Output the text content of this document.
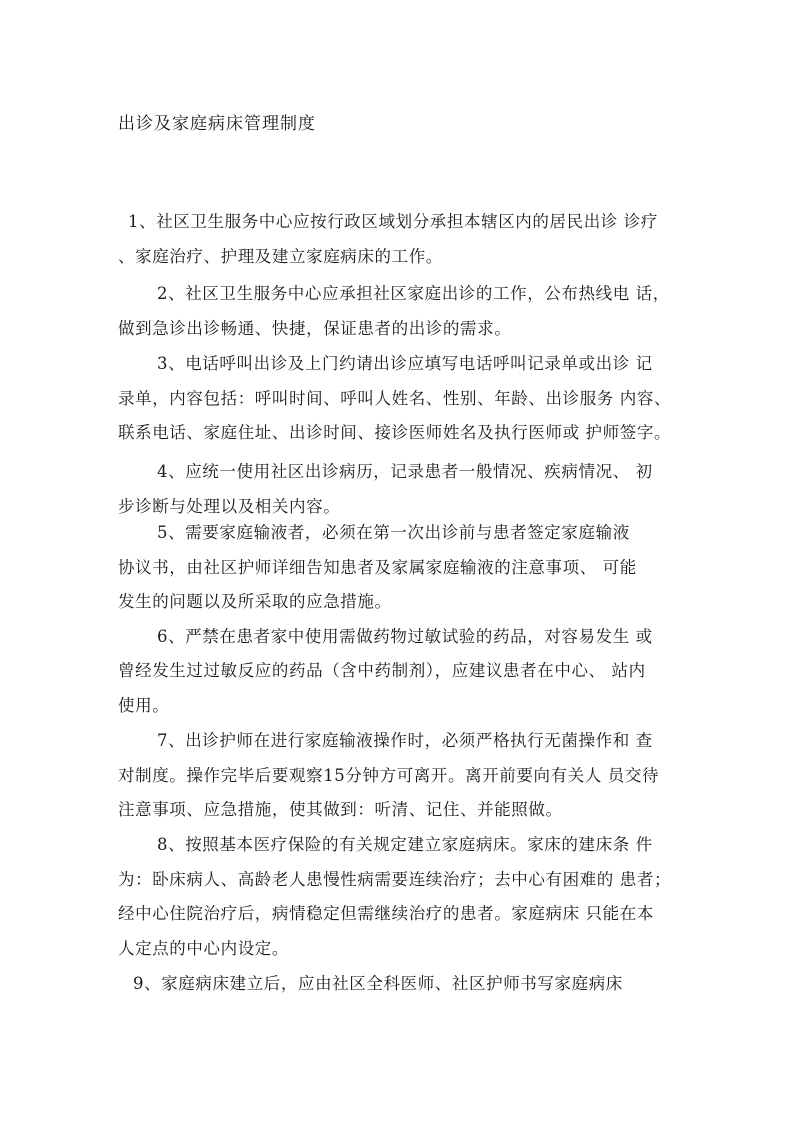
出诊及家庭病床管理制度
1、社区卫生服务中心应按行政区域划分承担本辖区内的居民出诊 诊疗
、家庭治疗、护理及建立家庭病床的工作。
2、社区卫生服务中心应承担社区家庭出诊的工作，公布热线电 话，
做到急诊出诊畅通、快捷，保证患者的出诊的需求。
3、电话呼叫出诊及上门约请出诊应填写电话呼叫记录单或出诊 记
录单，内容包括：呼叫时间、呼叫人姓名、性别、年龄、出诊服务 内容、
联系电话、家庭住址、出诊时间、接诊医师姓名及执行医师或 护师签字。
4、应统一使用社区出诊病历，记录患者一般情况、疾病情况、 初
步诊断与处理以及相关内容。
5、需要家庭输液者，必须在第一次出诊前与患者签定家庭输液
协议书，由社区护师详细告知患者及家属家庭输液的注意事项、 可能
发生的问题以及所采取的应急措施。
6、严禁在患者家中使用需做药物过敏试验的药品，对容易发生 或
曾经发生过过敏反应的药品（含中药制剂），应建议患者在中心、 站内
使用。
7、出诊护师在进行家庭输液操作时，必须严格执行无菌操作和 查
对制度。操作完毕后要观察15分钟方可离开。离开前要向有关人 员交待
注意事项、应急措施，使其做到：听清、记住、并能照做。
8、按照基本医疗保险的有关规定建立家庭病床。家床的建床条 件
为：卧床病人、高龄老人患慢性病需要连续治疗；去中心有困难的 患者；
经中心住院治疗后，病情稳定但需继续治疗的患者。家庭病床 只能在本
人定点的中心内设定。
9、家庭病床建立后，应由社区全科医师、社区护师书写家庭病床
